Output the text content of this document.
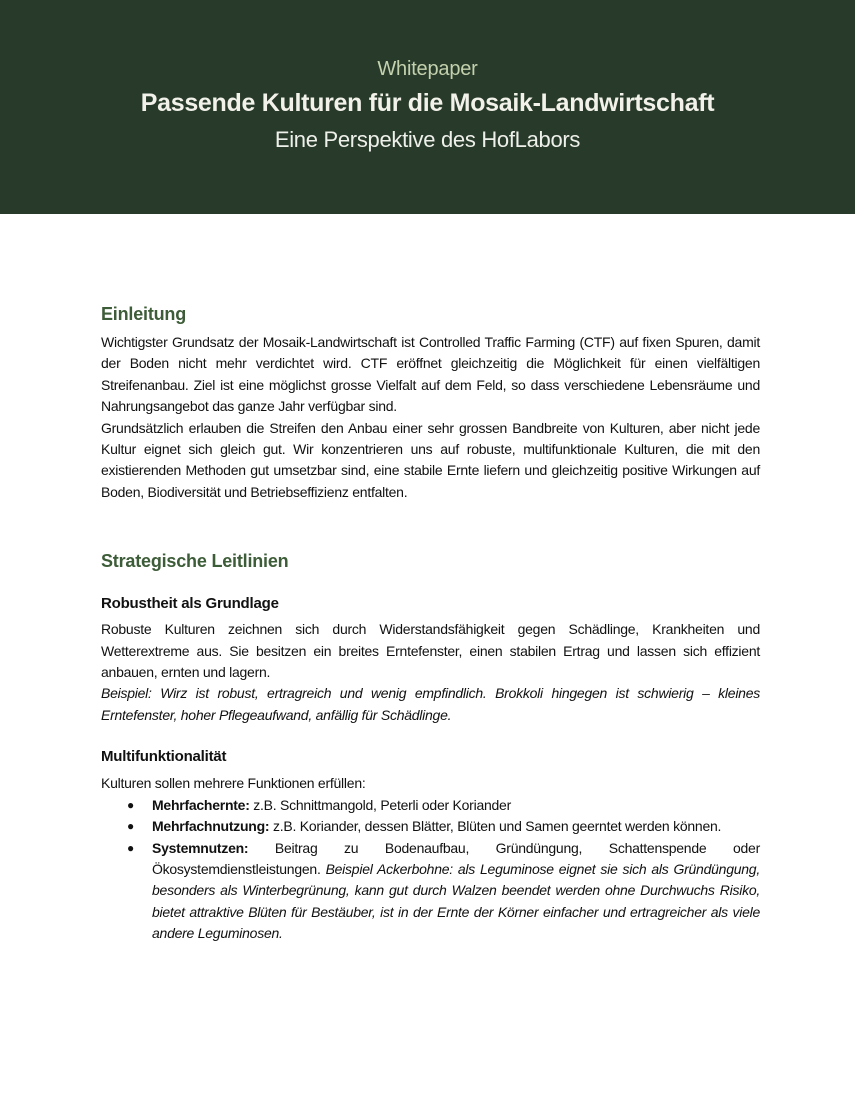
Whitepaper
Passende Kulturen für die Mosaik-Landwirtschaft
Eine Perspektive des HofLabors
Einleitung

Wichtigster Grundsatz der Mosaik-Landwirtschaft ist Controlled Traffic Farming (CTF) auf fixen Spuren, damit der Boden nicht mehr verdichtet wird. CTF eröffnet gleichzeitig die Möglichkeit für einen vielfältigen Streifenanbau. Ziel ist eine möglichst grosse Vielfalt auf dem Feld, so dass verschiedene Lebensräume und Nahrungsangebot das ganze Jahr verfügbar sind.

Grundsätzlich erlauben die Streifen den Anbau einer sehr grossen Bandbreite von Kulturen, aber nicht jede Kultur eignet sich gleich gut. Wir konzentrieren uns auf robuste, multifunktionale Kulturen, die mit den existierenden Methoden gut umsetzbar sind, eine stabile Ernte liefern und gleichzeitig positive Wirkungen auf Boden, Biodiversität und Betriebseffizienz entfalten.

Strategische Leitlinien
Robustheit als Grundlage

Robuste Kulturen zeichnen sich durch Widerstandsfähigkeit gegen Schädlinge, Krankheiten und Wetterextreme aus. Sie besitzen ein breites Erntefenster, einen stabilen Ertrag und lassen sich effizient anbauen, ernten und lagern.

Beispiel: Wirz ist robust, ertragreich und wenig empfindlich. Brokkoli hingegen ist schwierig – kleines Erntefenster, hoher Pflegeaufwand, anfällig für Schädlinge.

Multifunktionalität

Kulturen sollen mehrere Funktionen erfüllen:

● Mehrfachernte: z.B. Schnittmangold, Peterli oder Koriander
● Mehrfachnutzung: z.B. Koriander, dessen Blätter, Blüten und Samen geerntet werden können.
● Systemnutzen: Beitrag zu Bodenaufbau, Gründüngung, Schattenspende oder Ökosystemdienstleistungen. Beispiel Ackerbohne: als Leguminose eignet sie sich als Gründüngung, besonders als Winterbegrünung, kann gut durch Walzen beendet werden ohne Durchwuchs Risiko, bietet attraktive Blüten für Bestäuber, ist in der Ernte der Körner einfacher und ertragreicher als viele andere Leguminosen.
